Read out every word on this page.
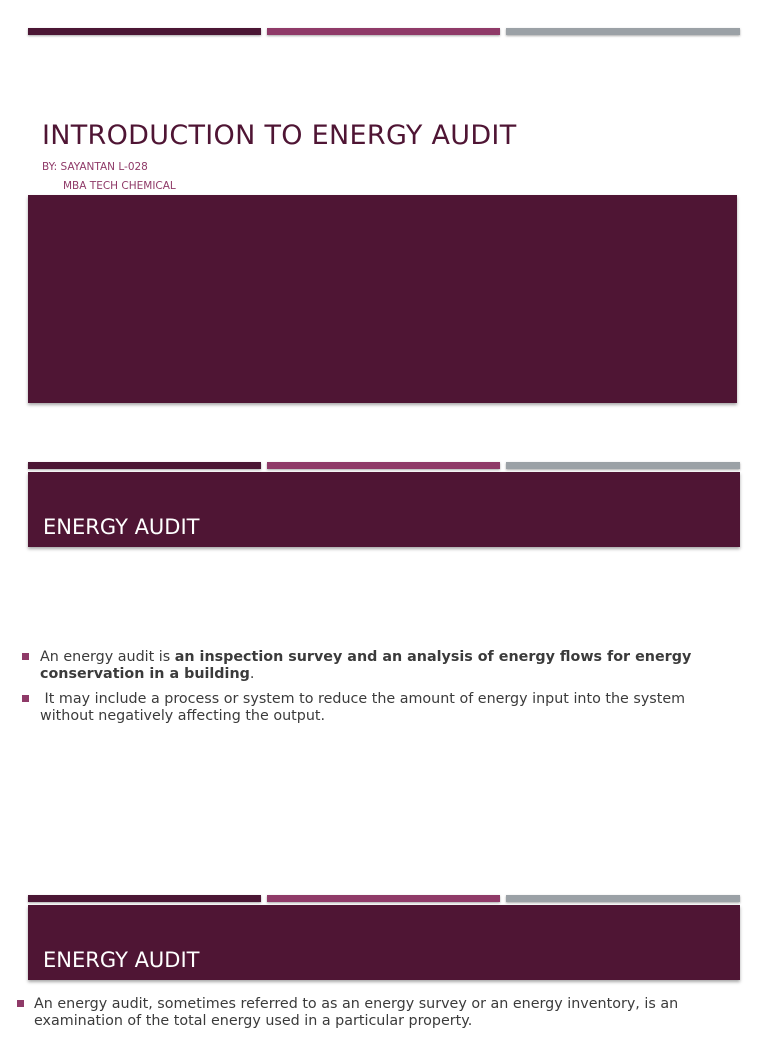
INTRODUCTION TO ENERGY AUDIT
BY: SAYANTAN L-028
MBA TECH CHEMICAL
ENERGY AUDIT
An energy audit is an inspection survey and an analysis of energy flows for energy conservation in a building.
It may include a process or system to reduce the amount of energy input into the system without negatively affecting the output.
ENERGY AUDIT
An energy audit, sometimes referred to as an energy survey or an energy inventory, is an examination of the total energy used in a particular property.
